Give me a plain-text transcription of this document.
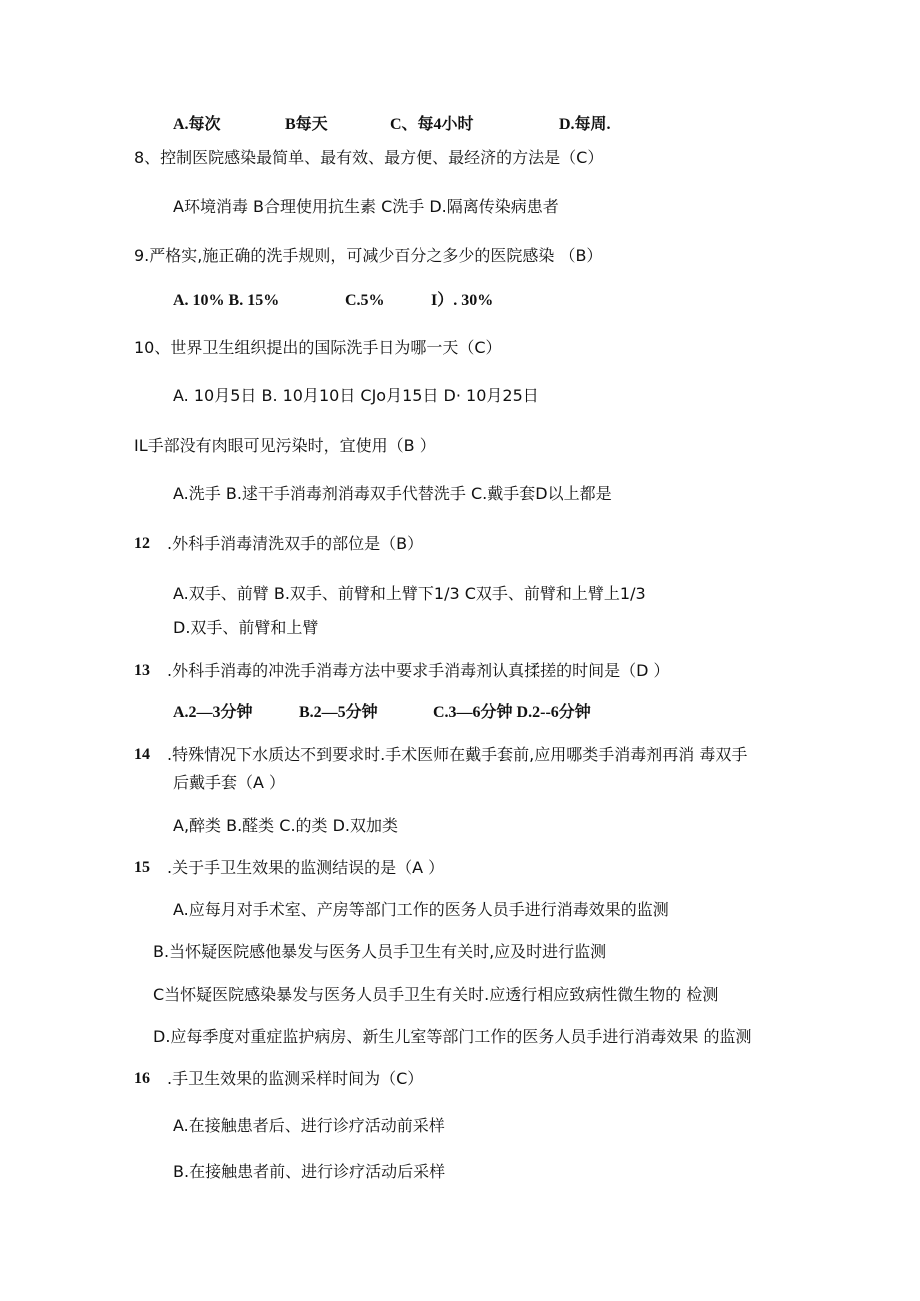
A.每次	B每天	C、每4小时	D.每周.
8、控制医院感染最简单、最有效、最方便、最经济的方法是（C）
A环境消毒 B合理使用抗生素 C洗手 D.隔离传染病患者
9.严格实,施正确的洗手规则，可减少百分之多少的医院感染 （B）
A. 10% B. 15%	C.5%	I）. 30%
10、世界卫生组织提出的国际洗手日为哪一天（C）
A. 10月5日 B. 10月10日 CJo月15日 D· 10月25日
IL手部没有肉眼可见污染时，宜使用（B ）
A.洗手 B.逑干手消毒剂消毒双手代替洗手 C.戴手套D以上都是
12 .外科手消毒清洗双手的部位是（B）
A.双手、前臂 B.双手、前臂和上臂下1/3 C双手、前臂和上臂上1/3
D.双手、前臂和上臂
13 .外科手消毒的冲洗手消毒方法中要求手消毒剂认真揉搓的时间是（D ）
A.2—3分钟	B.2—5分钟	C.3—6分钟 D.2--6分钟
14 .特殊情况下水质达不到要求时.手术医师在戴手套前,应用哪类手消毒剂再消 毒双手
后戴手套（A ）
A,醉类 B.醛类 C.的类 D.双加类
15 .关于手卫生效果的监测结误的是（A ）
A.应每月对手术室、产房等部门工作的医务人员手进行消毒效果的监测
B.当怀疑医院感他暴发与医务人员手卫生有关时,应及时进行监测
C当怀疑医院感染暴发与医务人员手卫生有关时.应透行相应致病性微生物的 检测
D.应每季度对重症监护病房、新生儿室等部门工作的医务人员手进行消毒效果 的监测
16 .手卫生效果的监测采样时间为（C）
A.在接触患者后、进行诊疗活动前采样
B.在接触患者前、进行诊疗活动后采样
